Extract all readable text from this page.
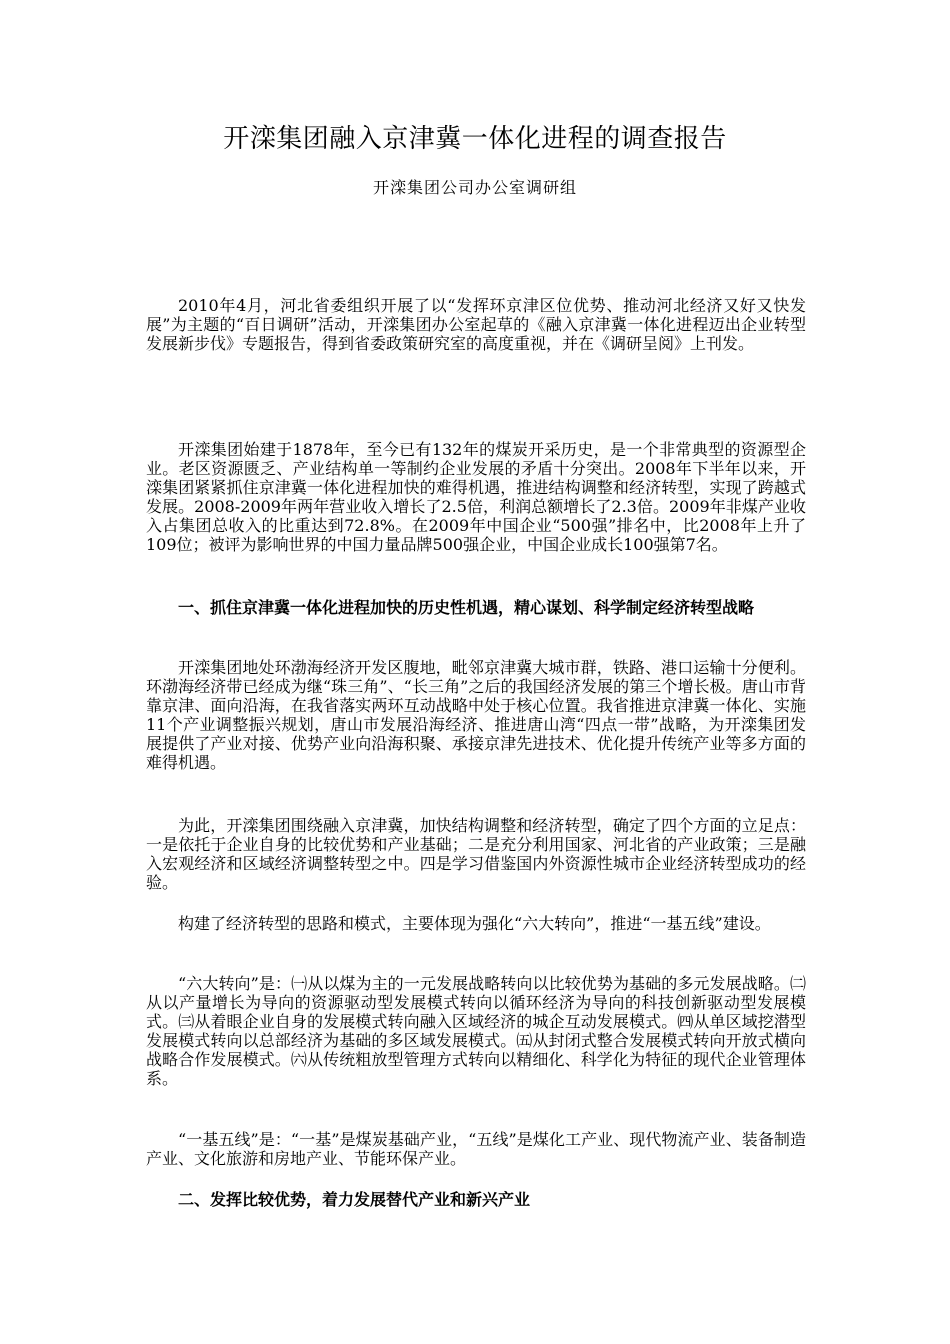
开滦集团融入京津冀一体化进程的调查报告
开滦集团公司办公室调研组

2010年4月，河北省委组织开展了以“发挥环京津区位优势、推动河北经济又好又快发展”为主题的“百日调研”活动，开滦集团办公室起草的《融入京津冀一体化进程迈出企业转型发展新步伐》专题报告，得到省委政策研究室的高度重视，并在《调研呈阅》上刊发。

开滦集团始建于1878年，至今已有132年的煤炭开采历史，是一个非常典型的资源型企业。老区资源匮乏、产业结构单一等制约企业发展的矛盾十分突出。2008年下半年以来，开滦集团紧紧抓住京津冀一体化进程加快的难得机遇，推进结构调整和经济转型，实现了跨越式发展。2008-2009年两年营业收入增长了2.5倍，利润总额增长了2.3倍。2009年非煤产业收入占集团总收入的比重达到72.8%。在2009年中国企业“500强”排名中，比2008年上升了109位；被评为影响世界的中国力量品牌500强企业，中国企业成长100强第7名。

一、抓住京津冀一体化进程加快的历史性机遇，精心谋划、科学制定经济转型战略

开滦集团地处环渤海经济开发区腹地，毗邻京津冀大城市群，铁路、港口运输十分便利。环渤海经济带已经成为继“珠三角”、“长三角”之后的我国经济发展的第三个增长极。唐山市背靠京津、面向沿海，在我省落实两环互动战略中处于核心位置。我省推进京津冀一体化、实施11个产业调整振兴规划，唐山市发展沿海经济、推进唐山湾“四点一带”战略，为开滦集团发展提供了产业对接、优势产业向沿海积聚、承接京津先进技术、优化提升传统产业等多方面的难得机遇。

为此，开滦集团围绕融入京津冀，加快结构调整和经济转型，确定了四个方面的立足点：一是依托于企业自身的比较优势和产业基础；二是充分利用国家、河北省的产业政策；三是融入宏观经济和区域经济调整转型之中。四是学习借鉴国内外资源性城市企业经济转型成功的经验。

构建了经济转型的思路和模式，主要体现为强化“六大转向”，推进“一基五线”建设。

“六大转向”是：㈠从以煤为主的一元发展战略转向以比较优势为基础的多元发展战略。㈡从以产量增长为导向的资源驱动型发展模式转向以循环经济为导向的科技创新驱动型发展模式。㈢从着眼企业自身的发展模式转向融入区域经济的城企互动发展模式。㈣从单区域挖潜型发展模式转向以总部经济为基础的多区域发展模式。㈤从封闭式整合发展模式转向开放式横向战略合作发展模式。㈥从传统粗放型管理方式转向以精细化、科学化为特征的现代企业管理体系。

“一基五线”是：“一基”是煤炭基础产业，“五线”是煤化工产业、现代物流产业、装备制造产业、文化旅游和房地产业、节能环保产业。

二、发挥比较优势，着力发展替代产业和新兴产业
